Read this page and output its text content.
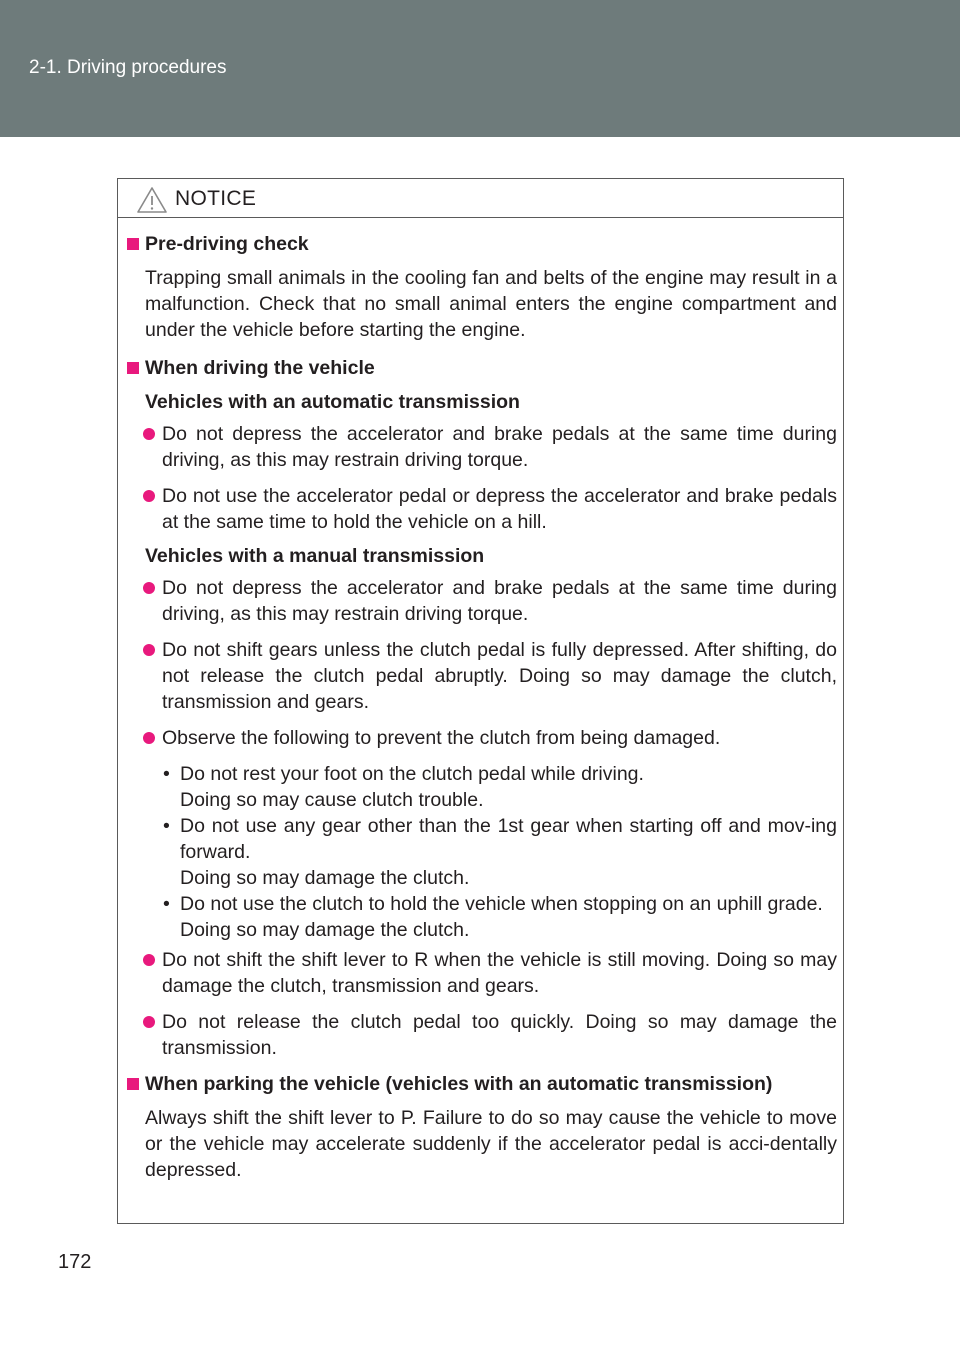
2-1. Driving procedures
NOTICE

Pre-driving check

Trapping small animals in the cooling fan and belts of the engine may result in a malfunction. Check that no small animal enters the engine compartment and under the vehicle before starting the engine.

When driving the vehicle

Vehicles with an automatic transmission

Do not depress the accelerator and brake pedals at the same time during driving, as this may restrain driving torque.

Do not use the accelerator pedal or depress the accelerator and brake pedals at the same time to hold the vehicle on a hill.

Vehicles with a manual transmission

Do not depress the accelerator and brake pedals at the same time during driving, as this may restrain driving torque.

Do not shift gears unless the clutch pedal is fully depressed. After shifting, do not release the clutch pedal abruptly. Doing so may damage the clutch, transmission and gears.

Observe the following to prevent the clutch from being damaged.

• Do not rest your foot on the clutch pedal while driving.
Doing so may cause clutch trouble.

• Do not use any gear other than the 1st gear when starting off and mov-ing forward.
Doing so may damage the clutch.

• Do not use the clutch to hold the vehicle when stopping on an uphill grade.
Doing so may damage the clutch.

Do not shift the shift lever to R when the vehicle is still moving. Doing so may damage the clutch, transmission and gears.

Do not release the clutch pedal too quickly. Doing so may damage the transmission.

When parking the vehicle (vehicles with an automatic transmission)

Always shift the shift lever to P. Failure to do so may cause the vehicle to move or the vehicle may accelerate suddenly if the accelerator pedal is acci-dentally depressed.

172
